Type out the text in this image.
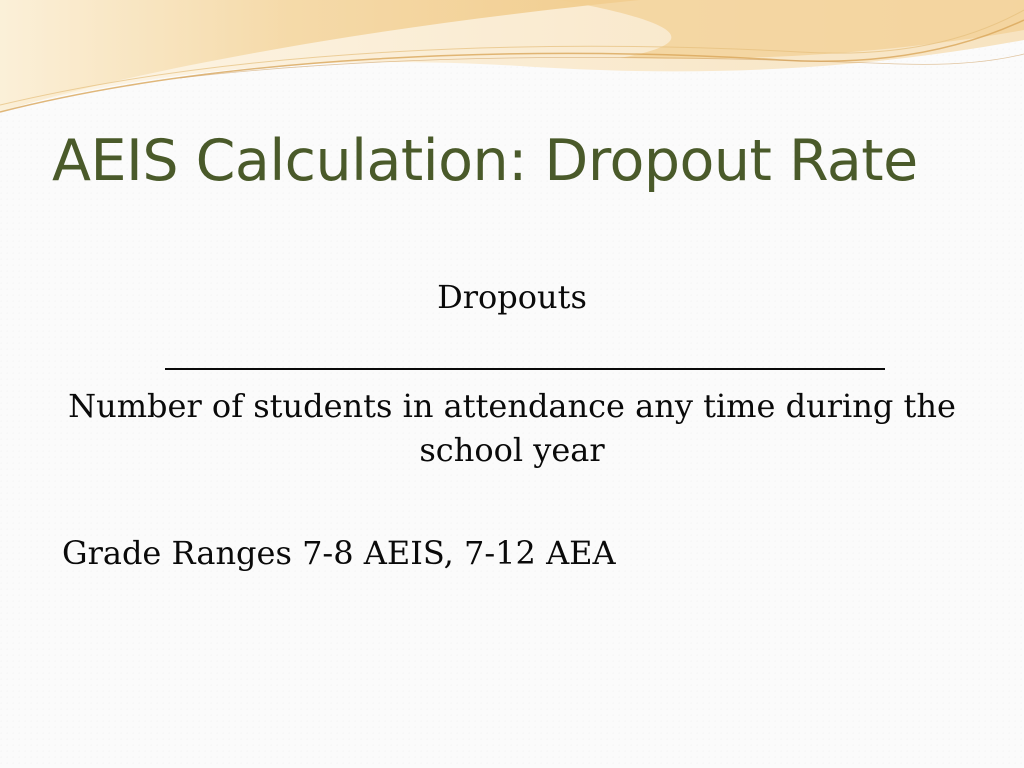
AEIS Calculation: Dropout Rate

Dropouts

Number of students in attendance any time during the school year

Grade Ranges 7-8 AEIS, 7-12 AEA
